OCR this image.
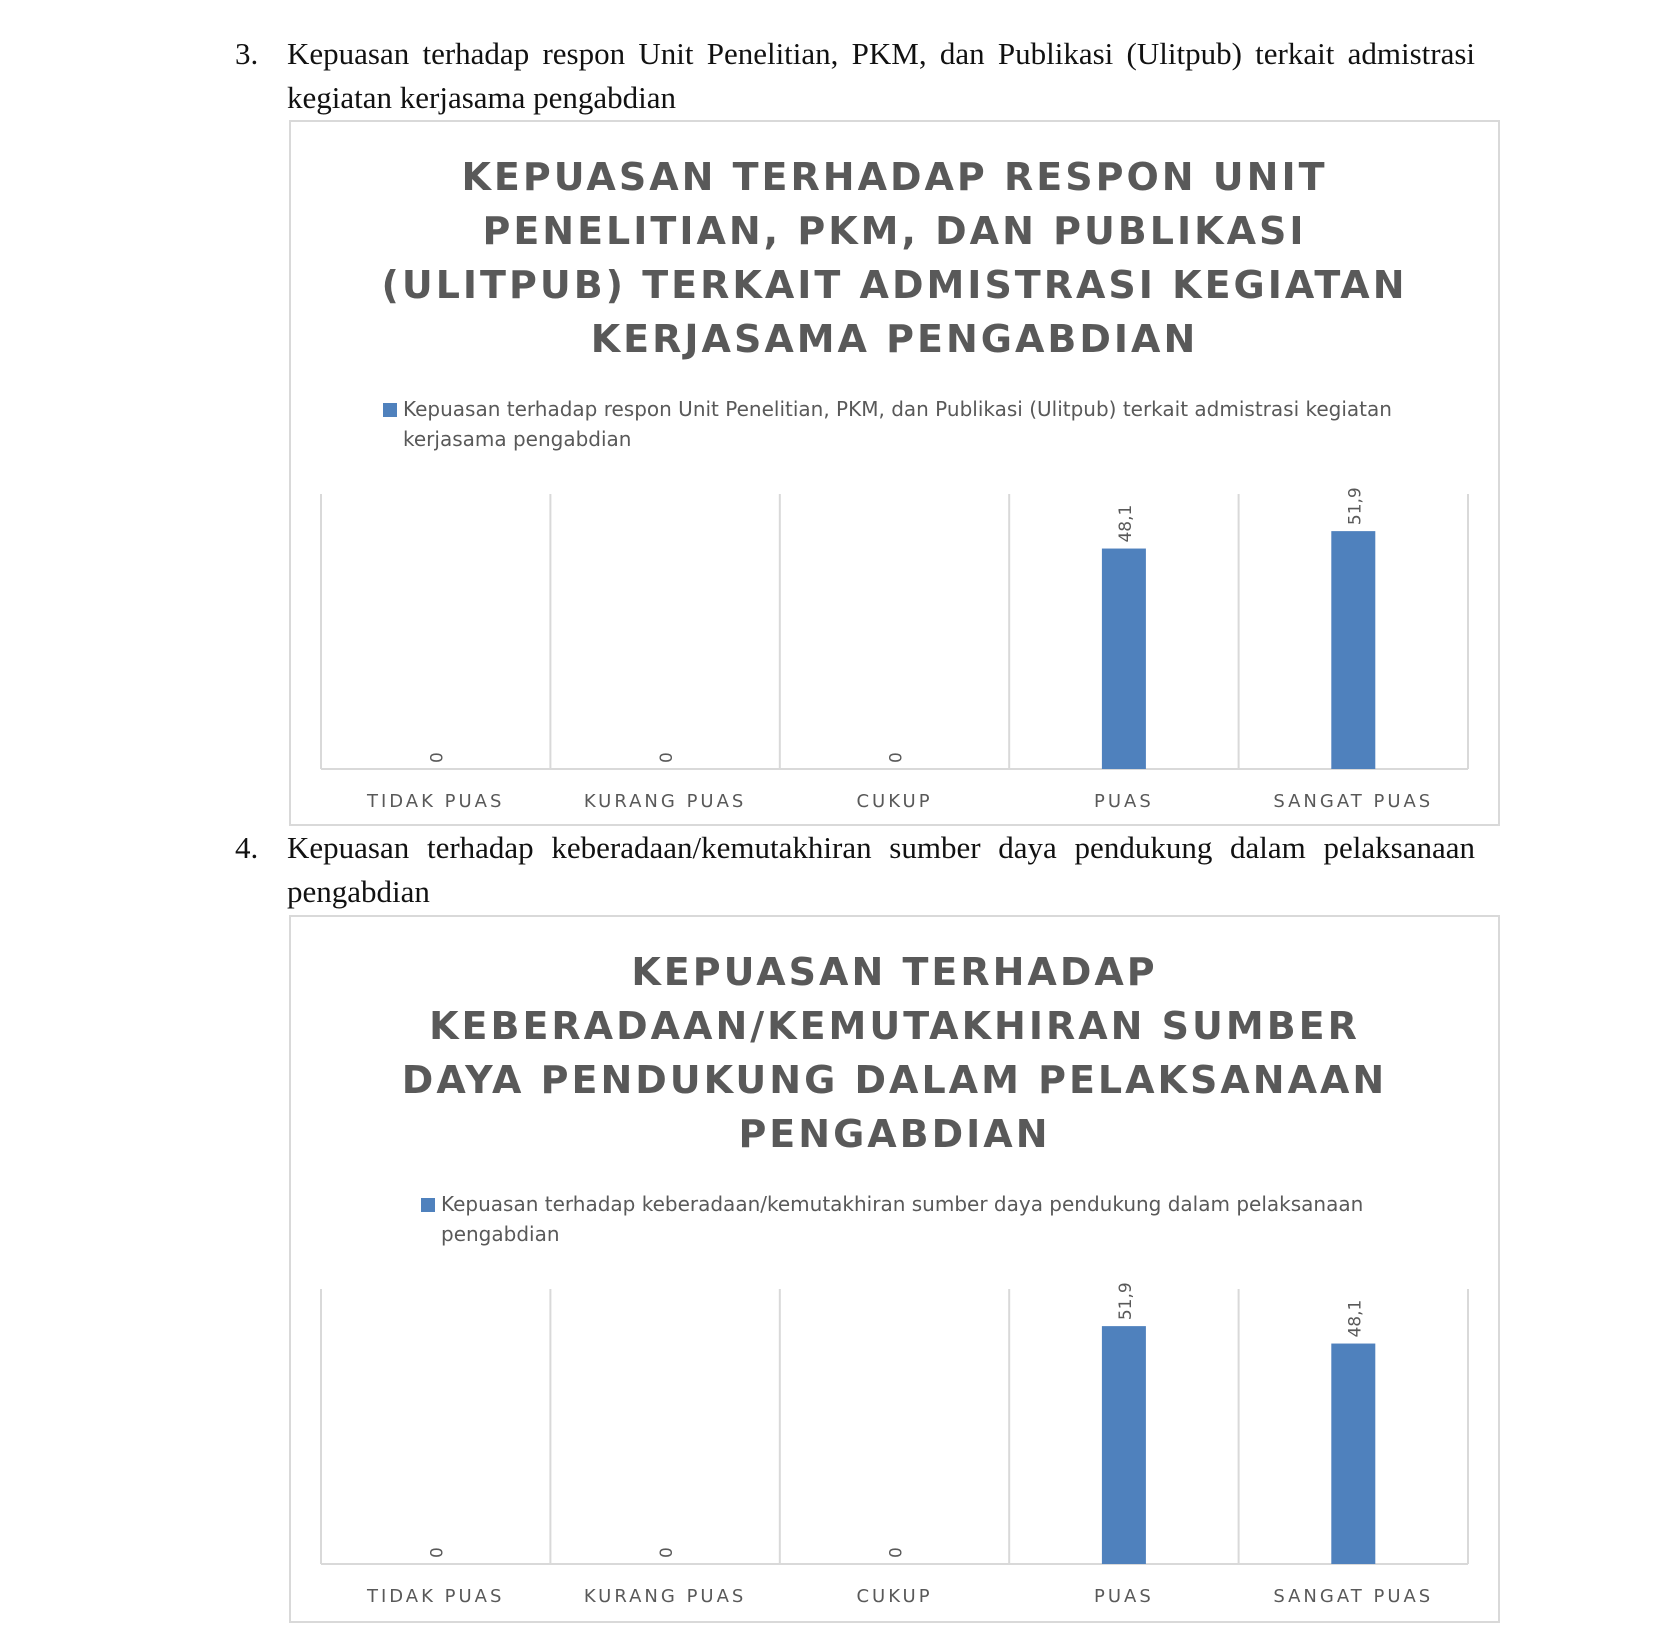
3. Kepuasan terhadap respon Unit Penelitian, PKM, dan Publikasi (Ulitpub) terkait admistrasi kegiatan kerjasama pengabdian
KEPUASAN TERHADAP RESPON UNIT PENELITIAN, PKM, DAN PUBLIKASI (ULITPUB) TERKAIT ADMISTRASI KEGIATAN KERJASAMA PENGABDIAN
Kepuasan terhadap respon Unit Penelitian, PKM, dan Publikasi (Ulitpub) terkait admistrasi kegiatan kerjasama pengabdian
0
TIDAK PUAS
0
KURANG PUAS
0
CUKUP
48,1
PUAS
51,9
SANGAT PUAS
4. Kepuasan terhadap keberadaan/kemutakhiran sumber daya pendukung dalam pelaksanaan pengabdian
KEPUASAN TERHADAP KEBERADAAN/KEMUTAKHIRAN SUMBER DAYA PENDUKUNG DALAM PELAKSANAAN PENGABDIAN
Kepuasan terhadap keberadaan/kemutakhiran sumber daya pendukung dalam pelaksanaan pengabdian
0
TIDAK PUAS
0
KURANG PUAS
0
CUKUP
51,9
PUAS
48,1
SANGAT PUAS
